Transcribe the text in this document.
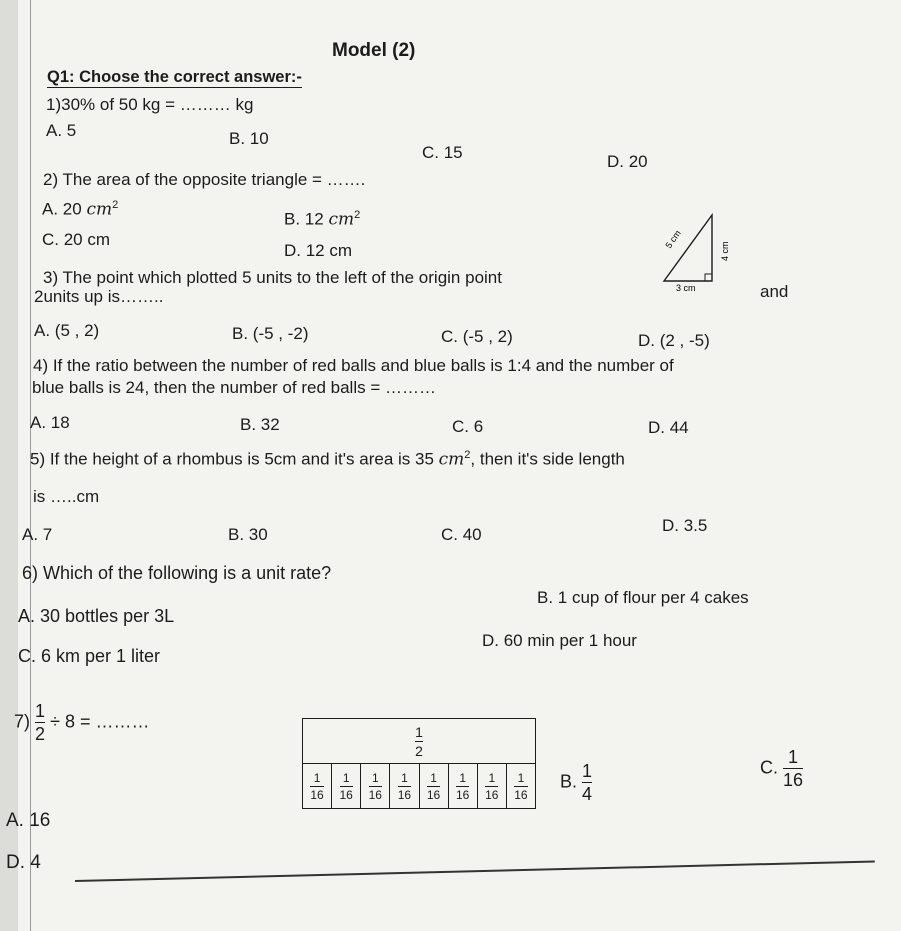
Model (2)
Q1: Choose the correct answer:-
1)30% of 50 kg = ……… kg
A. 5	B. 10
C. 15	D. 20
2) The area of the opposite triangle = …….
A. 20 $cm^2$
B. 12 $cm^2$
C. 20 cm
D. 12 cm
5 cm
4 cm
3 cm
3) The point which plotted 5 units to the left of the origin point
and
2units up is……..
A. (5 , 2)	B. (-5 , -2)	C. (-5 , 2)	D. (2 , -5)
4) If the ratio between the number of red balls and blue balls is 1:4 and the number of
blue balls is 24, then the number of red balls = ………
A. 18	B. 32	C. 6	D. 44
5) If the height of a rhombus is 5cm and it's area is 35 $cm^2$, then it's side length
is …..cm
A. 7	B. 30	C. 40	D. 3.5
6) Which of the following is a unit rate?
A. 30 bottles per 3L
B. 1 cup of flour per 4 cakes
C. 6 km per 1 liter
D. 60 min per 1 hour
$7) \frac{1}{2} \div 8$ = ………	$\frac{\frac{1}{2}}{\frac{1}{16} \frac{1}{16} \frac{1}{16} \frac{1}{16} \frac{1}{16} \frac{1}{16} \frac{1}{16} \frac{1}{16}}$
A. 16
B. $\frac{1}{4}$	C. $\frac{1}{16}$
D. 4
